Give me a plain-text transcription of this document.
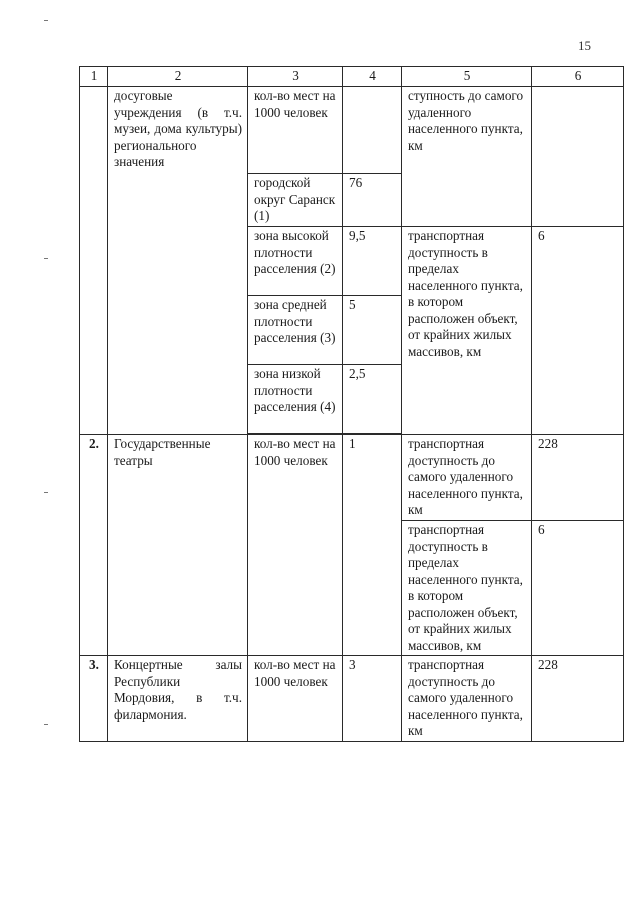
15
1	2	3	4	5	6
	досуговые учреждения (в т.ч. музеи, дома культуры) регионального значения	кол-во мест на 1000 человек		ступность до самого удаленного населенного пункта, км	
		городской округ Саранск (1)	76		
		зона высокой плотности расселения (2)	9,5	транспортная доступность в пределах населенного пункта, в котором расположен объект, от крайних жилых массивов, км	6
		зона средней плотности расселения (3)	5		
		зона низкой плотности расселения (4)	2,5		

2.	Государственные театры	кол-во мест на 1000 человек	1	транспортная доступность до самого удаленного населенного пункта, км	228
				транспортная доступность в пределах населенного пункта, в котором расположен объект, от крайних жилых массивов, км	6
3.	Концертные залы Республики Мордовия, в т.ч. филармония.	кол-во мест на 1000 человек	3	транспортная доступность до самого удаленного населенного пункта, км	228
